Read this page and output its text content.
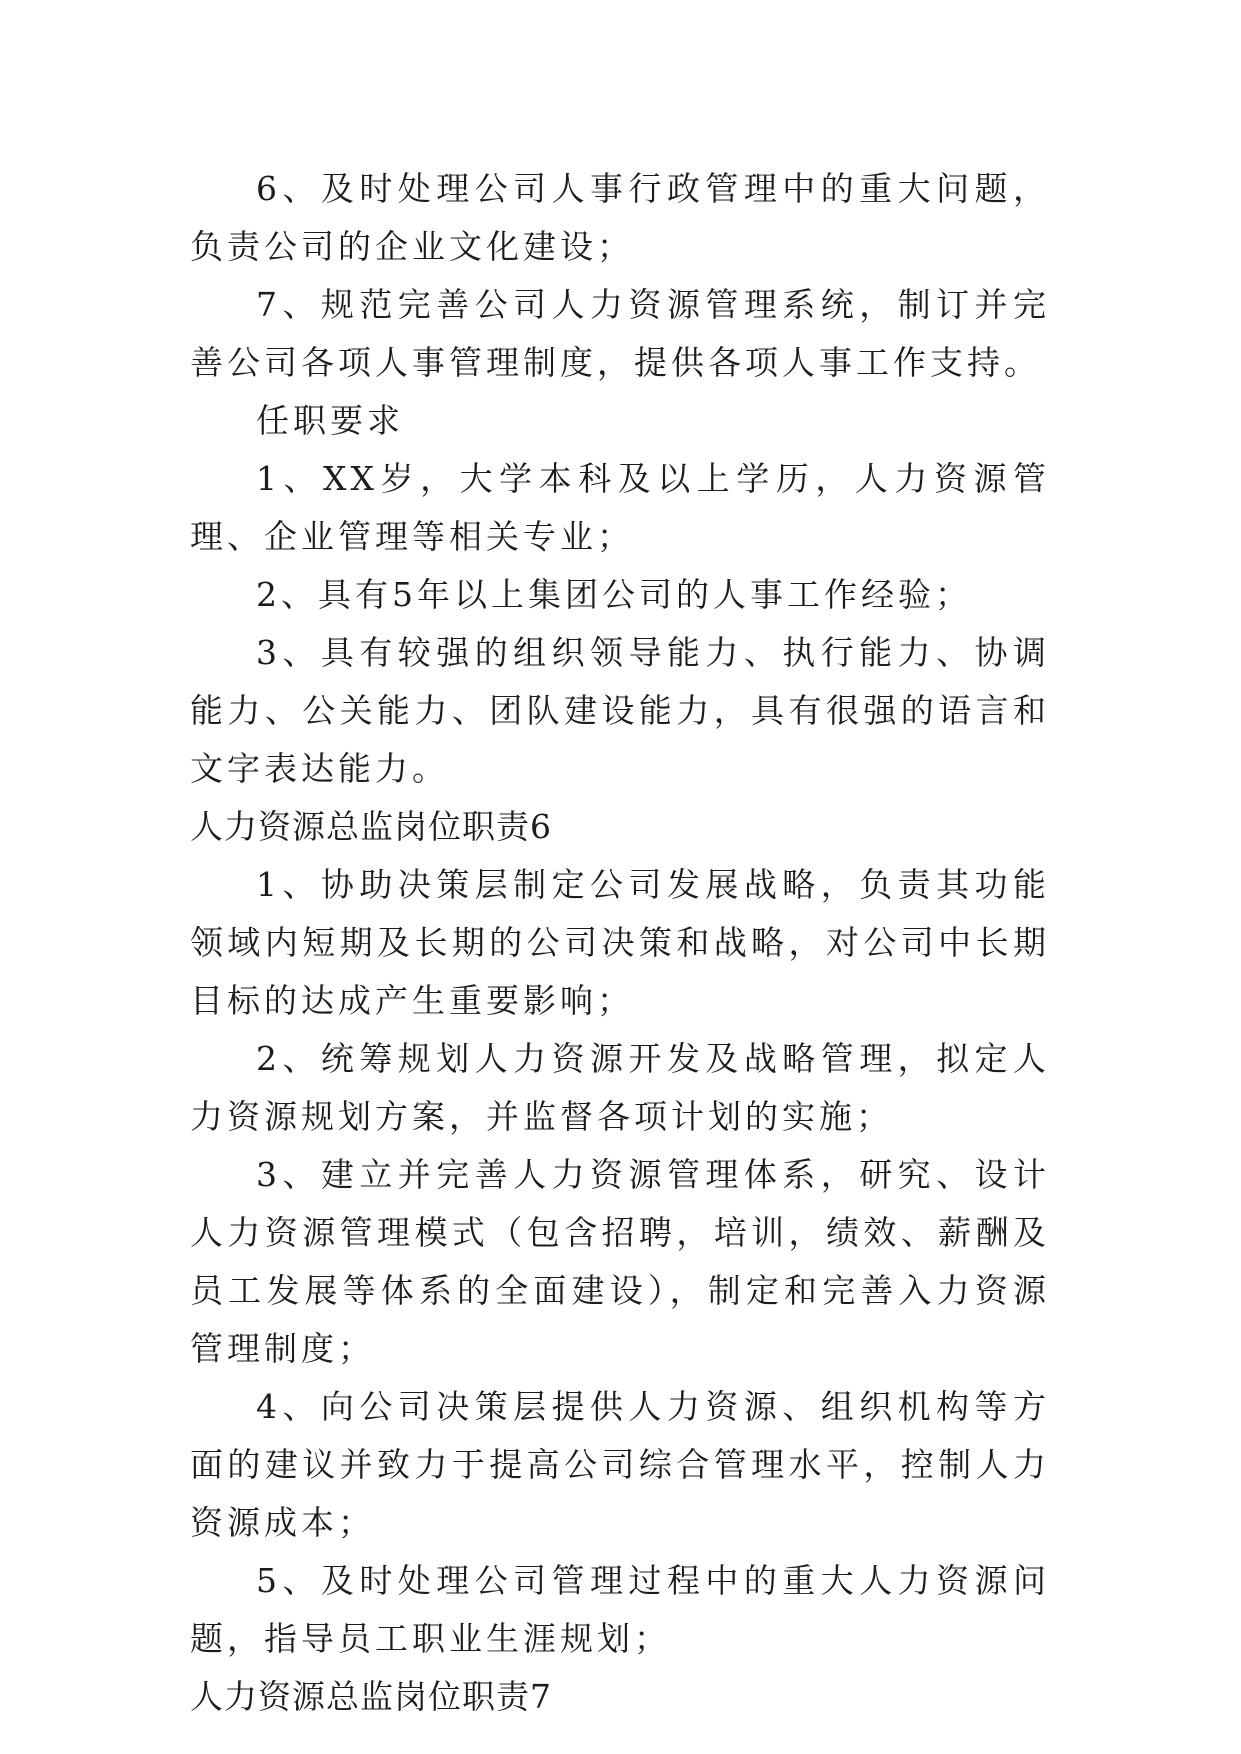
6、及时处理公司人事行政管理中的重大问题，负责公司的企业文化建设；

7、规范完善公司人力资源管理系统，制订并完善公司各项人事管理制度，提供各项人事工作支持。

任职要求

1、XX岁，大学本科及以上学历，人力资源管理、企业管理等相关专业；

2、具有5年以上集团公司的人事工作经验；

3、具有较强的组织领导能力、执行能力、协调能力、公关能力、团队建设能力，具有很强的语言和文字表达能力。

人力资源总监岗位职责6

1、协助决策层制定公司发展战略，负责其功能领域内短期及长期的公司决策和战略，对公司中长期目标的达成产生重要影响；

2、统筹规划人力资源开发及战略管理，拟定人力资源规划方案，并监督各项计划的实施；

3、建立并完善人力资源管理体系，研究、设计人力资源管理模式（包含招聘，培训，绩效、薪酬及员工发展等体系的全面建设），制定和完善入力资源管理制度；

4、向公司决策层提供人力资源、组织机构等方面的建议并致力于提高公司综合管理水平，控制人力资源成本；

5、及时处理公司管理过程中的重大人力资源问题，指导员工职业生涯规划；

人力资源总监岗位职责7
